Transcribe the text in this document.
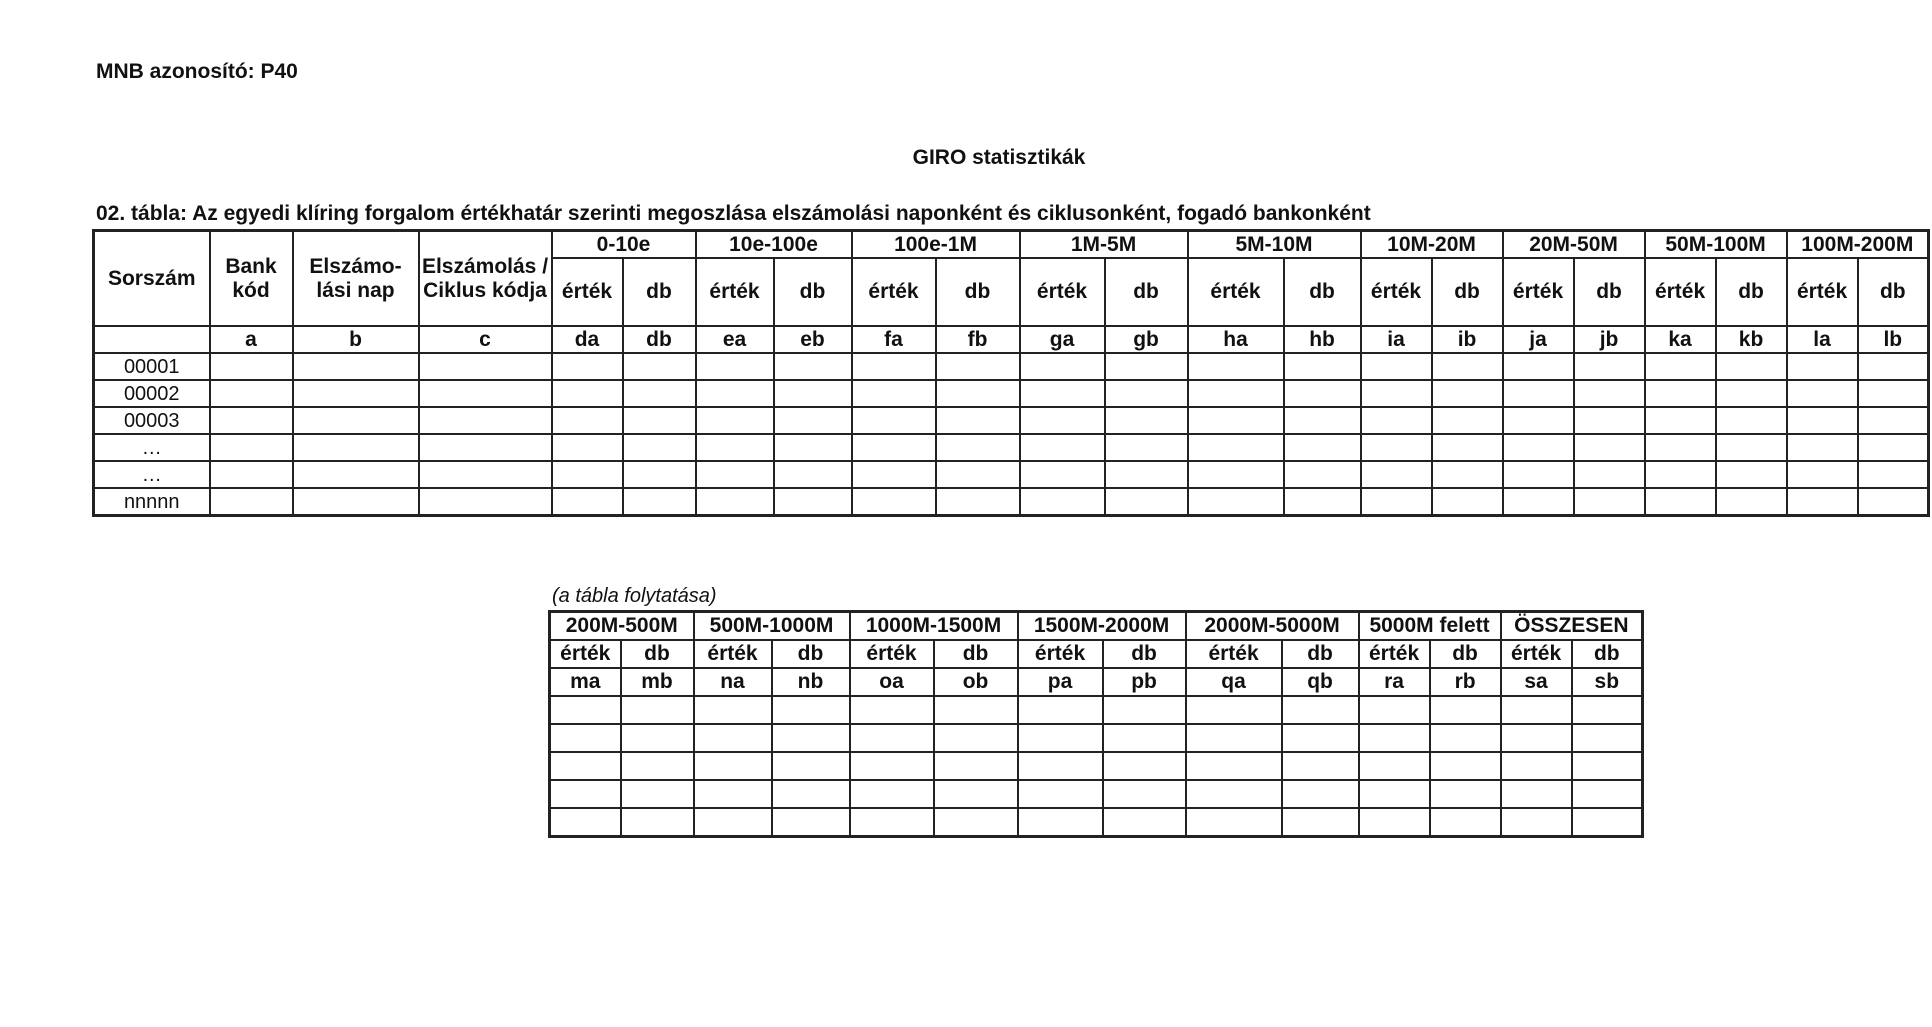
MNB azonosító: P40
GIRO statisztikák
02. tábla: Az egyedi klíring forgalom értékhatár szerinti megoszlása elszámolási naponként és ciklusonként, fogadó bankonként
Sorszám	Bank kód	Elszámo- lási nap	Elszámolás / Ciklus kódja	0-10e		10e-100e		100e-1M		1M-5M		5M-10M		10M-20M		20M-50M		50M-100M		100M-200M	
				érték	db	érték	db	érték	db	érték	db	érték	db	érték	db	érték	db	érték	db	érték	db
	a	b	c	da	db	ea	eb	fa	fb	ga	gb	ha	hb	ia	ib	ja	jb	ka	kb	la	lb
00001																					
00002																					
00003																					
…																					
…																					
nnnnn																					
(a tábla folytatása)
200M-500M		500M-1000M		1000M-1500M		1500M-2000M		2000M-5000M		5000M felett		ÖSSZESEN	
érték	db	érték	db	érték	db	érték	db	érték	db	érték	db	érték	db
ma	mb	na	nb	oa	ob	pa	pb	qa	qb	ra	rb	sa	sb
